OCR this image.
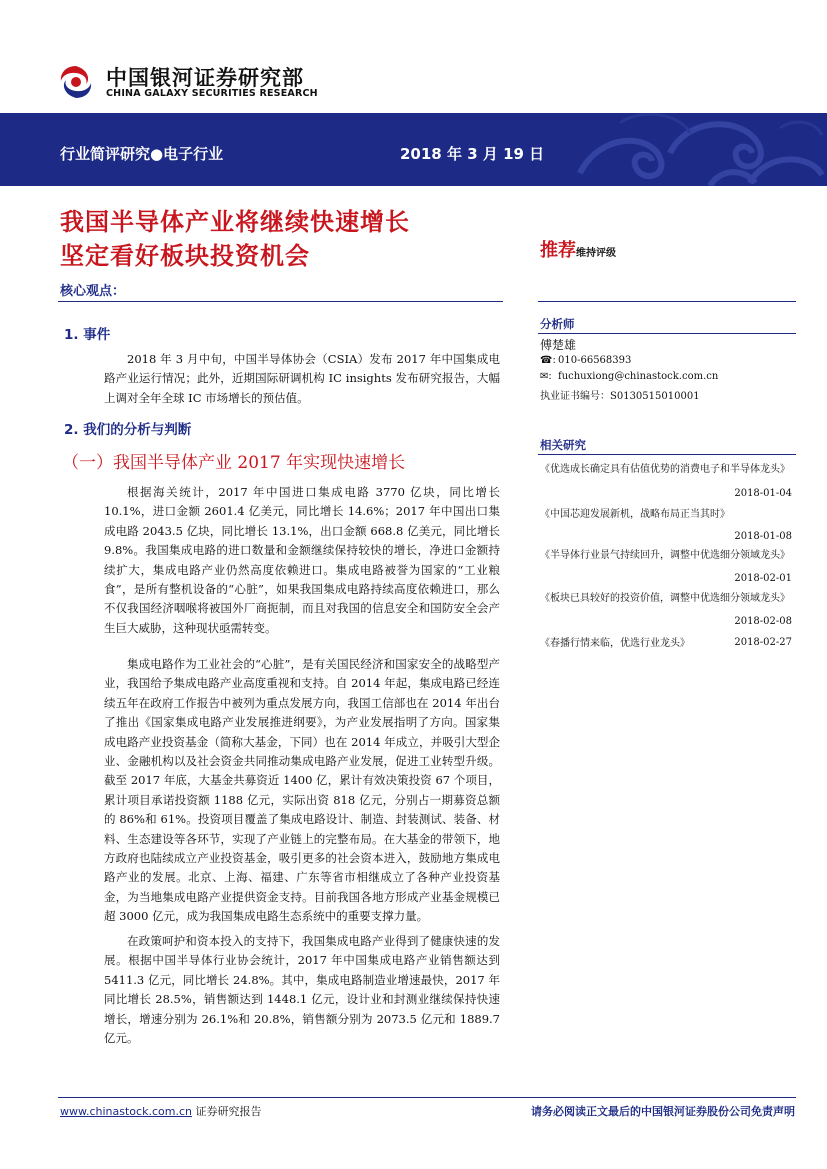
中国银河证券研究部
CHINA GALAXY SECURITIES RESEARCH
行业简评研究●电子行业	2018 年 3 月 19 日
我国半导体产业将继续快速增长
坚定看好板块投资机会
核心观点：
推荐维持评级
1. 事件
2018 年 3 月中旬，中国半导体协会（CSIA）发布 2017 年中国集成电路产业运行情况；此外，近期国际研调机构 IC insights 发布研究报告，大幅上调对全年全球 IC 市场增长的预估值。
2. 我们的分析与判断
（一）我国半导体产业 2017 年实现快速增长
根据海关统计，2017 年中国进口集成电路 3770 亿块，同比增长 10.1%，进口金额 2601.4 亿美元，同比增长 14.6%；2017 年中国出口集成电路 2043.5 亿块，同比增长 13.1%，出口金额 668.8 亿美元，同比增长 9.8%。我国集成电路的进口数量和金额继续保持较快的增长，净进口金额持续扩大，集成电路产业仍然高度依赖进口。集成电路被誉为国家的“工业粮食”，是所有整机设备的“心脏”，如果我国集成电路持续高度依赖进口，那么不仅我国经济咽喉将被国外厂商扼制，而且对我国的信息安全和国防安全会产生巨大威胁，这种现状亟需转变。
集成电路作为工业社会的“心脏”，是有关国民经济和国家安全的战略型产业，我国给予集成电路产业高度重视和支持。自 2014 年起，集成电路已经连续五年在政府工作报告中被列为重点发展方向，我国工信部也在 2014 年出台了推出《国家集成电路产业发展推进纲要》，为产业发展指明了方向。国家集成电路产业投资基金（简称大基金，下同）也在 2014 年成立，并吸引大型企业、金融机构以及社会资金共同推动集成电路产业发展，促进工业转型升级。截至 2017 年底，大基金共募资近 1400 亿，累计有效决策投资 67 个项目，累计项目承诺投资额 1188 亿元，实际出资 818 亿元，分别占一期募资总额的 86%和 61%。投资项目覆盖了集成电路设计、制造、封装测试、装备、材料、生态建设等各环节，实现了产业链上的完整布局。在大基金的带领下，地方政府也陆续成立产业投资基金，吸引更多的社会资本进入，鼓励地方集成电路产业的发展。北京、上海、福建、广东等省市相继成立了各种产业投资基金，为当地集成电路产业提供资金支持。目前我国各地方形成产业基金规模已超 3000 亿元，成为我国集成电路生态系统中的重要支撑力量。
在政策呵护和资本投入的支持下，我国集成电路产业得到了健康快速的发展。根据中国半导体行业协会统计，2017 年中国集成电路产业销售额达到 5411.3 亿元，同比增长 24.8%。其中，集成电路制造业增速最快，2017 年同比增长 28.5%，销售额达到 1448.1 亿元，设计业和封测业继续保持快速增长，增速分别为 26.1%和 20.8%，销售额分别为 2073.5 亿元和 1889.7 亿元。
分析师
傅楚雄
☎: 010-66568393
✉: fuchuxiong@chinastock.com.cn
执业证书编号：S0130515010001
相关研究
《优选成长确定具有估值优势的消费电子和半导体龙头》
2018-01-04
《中国芯迎发展新机，战略布局正当其时》
2018-01-08
《半导体行业景气持续回升，调整中优选细分领域龙头》
2018-02-01
《板块已具较好的投资价值，调整中优选细分领域龙头》
2018-02-08
《春播行情来临，优选行业龙头》	2018-02-27
www.chinastock.com.cn 证券研究报告	请务必阅读正文最后的中国银河证券股份公司免责声明
